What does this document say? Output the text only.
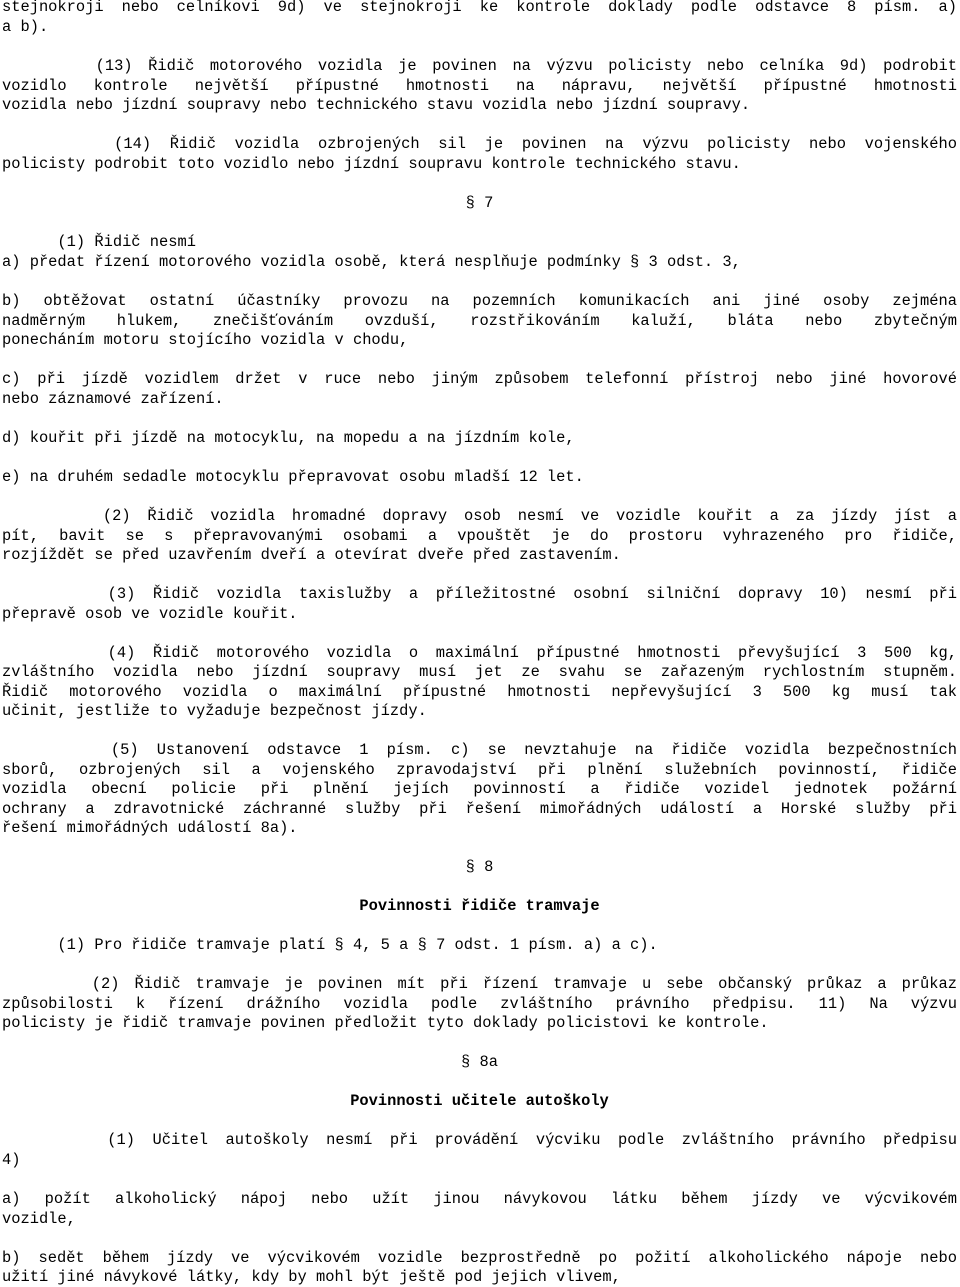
stejnokroji nebo celníkovi 9d) ve stejnokroji ke kontrole doklady podle odstavce 8 písm. a)
a b).
(13) Řidič motorového vozidla je povinen na výzvu policisty nebo celníka 9d) podrobit
vozidlo kontrole největší přípustné hmotnosti na nápravu, největší přípustné hmotnosti
vozidla nebo jízdní soupravy nebo technického stavu vozidla nebo jízdní soupravy.
(14) Řidič vozidla ozbrojených sil je povinen na výzvu policisty nebo vojenského
policisty podrobit toto vozidlo nebo jízdní soupravu kontrole technického stavu.
§ 7
(1) Řidič nesmí
a) předat řízení motorového vozidla osobě, která nesplňuje podmínky § 3 odst. 3,
b) obtěžovat ostatní účastníky provozu na pozemních komunikacích ani jiné osoby zejména
nadměrným hlukem, znečišťováním ovzduší, rozstřikováním kaluží, bláta nebo zbytečným
ponecháním motoru stojícího vozidla v chodu,
c) při jízdě vozidlem držet v ruce nebo jiným způsobem telefonní přístroj nebo jiné hovorové
nebo záznamové zařízení.
d) kouřit při jízdě na motocyklu, na mopedu a na jízdním kole,
e) na druhém sedadle motocyklu přepravovat osobu mladší 12 let.
(2) Řidič vozidla hromadné dopravy osob nesmí ve vozidle kouřit a za jízdy jíst a
pít, bavit se s přepravovanými osobami a vpouštět je do prostoru vyhrazeného pro řidiče,
rozjíždět se před uzavřením dveří a otevírat dveře před zastavením.
(3) Řidič vozidla taxislužby a příležitostné osobní silniční dopravy 10) nesmí při
přepravě osob ve vozidle kouřit.
(4) Řidič motorového vozidla o maximální přípustné hmotnosti převyšující 3 500 kg,
zvláštního vozidla nebo jízdní soupravy musí jet ze svahu se zařazeným rychlostním stupněm.
Řidič motorového vozidla o maximální přípustné hmotnosti nepřevyšující 3 500 kg musí tak
učinit, jestliže to vyžaduje bezpečnost jízdy.
(5) Ustanovení odstavce 1 písm. c) se nevztahuje na řidiče vozidla bezpečnostních
sborů, ozbrojených sil a vojenského zpravodajství při plnění služebních povinností, řidiče
vozidla obecní policie při plnění jejích povinností a řidiče vozidel jednotek požární
ochrany a zdravotnické záchranné služby při řešení mimořádných událostí a Horské služby při
řešení mimořádných událostí 8a).
§ 8
Povinnosti řidiče tramvaje
(1) Pro řidiče tramvaje platí § 4, 5 a § 7 odst. 1 písm. a) a c).
(2) Řidič tramvaje je povinen mít při řízení tramvaje u sebe občanský průkaz a průkaz
způsobilosti k řízení drážního vozidla podle zvláštního právního předpisu. 11) Na výzvu
policisty je řidič tramvaje povinen předložit tyto doklady policistovi ke kontrole.
§ 8a
Povinnosti učitele autoškoly
(1) Učitel autoškoly nesmí při provádění výcviku podle zvláštního právního předpisu
4)
a) požít alkoholický nápoj nebo užít jinou návykovou látku během jízdy ve výcvikovém
vozidle,
b) sedět během jízdy ve výcvikovém vozidle bezprostředně po požití alkoholického nápoje nebo
užití jiné návykové látky, kdy by mohl být ještě pod jejich vlivem,
